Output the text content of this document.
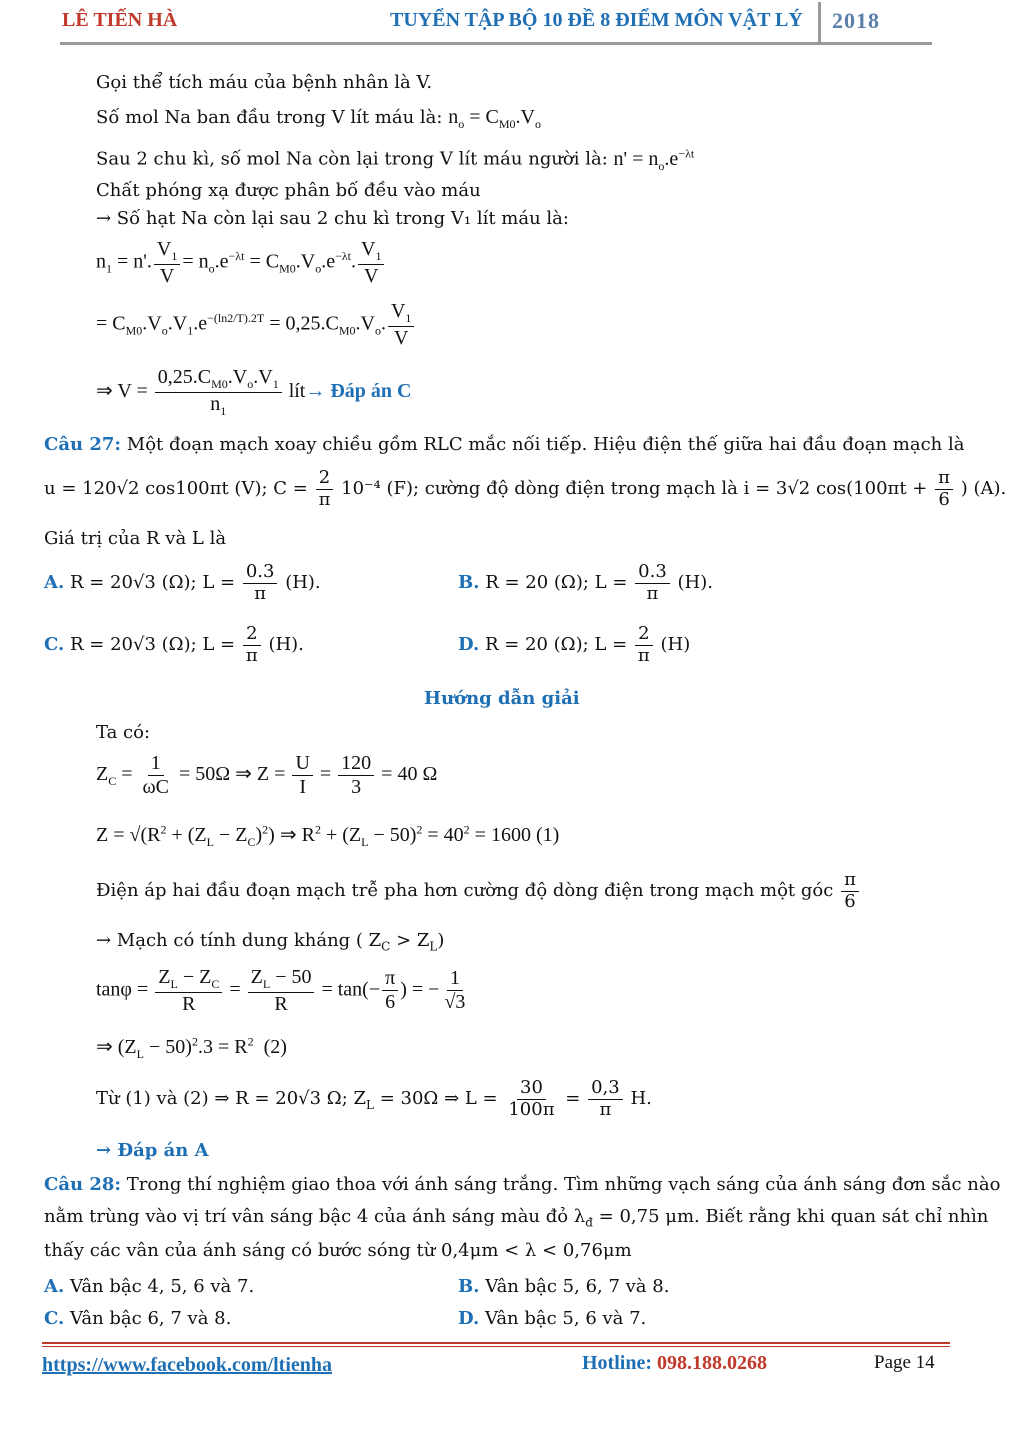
LÊ TIẾN HÀ	TUYỂN TẬP BỘ 10 ĐỀ 8 ĐIỂM MÔN VẬT LÝ 2018
Gọi thể tích máu của bệnh nhân là V.
Số mol Na ban đầu trong V lít máu là: $n_o = C_{M0}.V_o$
Sau 2 chu kì, số mol Na còn lại trong V lít máu người là: $n' = n_o.e^{-\lambda t}$
Chất phóng xạ được phân bố đều vào máu
→ Số hạt Na còn lại sau 2 chu kì trong V₁ lít máu là:
$n_1 = n'$. $\frac{V_1}{V} = n_o.e^{-\lambda t} = C_{M0}.V_o.e^{-\lambda t}$. $\frac{V_1}{V}$
= $C_{M0}.V_o.V_1.e^{-(ln2/T).2T} = 0,25.C_{M0}.V_o$. $\frac{V_1}{V}$
⇒ $V = \frac{0,25.C_{M0}.V_o.V_1}{n_1}$ lít→ Đáp án C
Câu 27: Một đoạn mạch xoay chiều gồm RLC mắc nối tiếp. Hiệu điện thế giữa hai đầu đoạn mạch là
u = 120√2 cos100πt (V); $C = \frac{2}{\pi} 10^{-4}$ (F); cường độ dòng điện trong mạch là i = 3√2 $\cos(100\pi t + \frac{\pi}{6}$ ) (A).
Giá trị của R và L là
A. R = 20√3 (Ω); $L = \frac{0.3}{\pi} (H)$.	B. R = 20 (Ω); $L = \frac{0.3}{\pi} (H)$.
C. R = 20√3 (Ω); $L = \frac{2}{\pi} (H)$.	D. R = 20 (Ω); $L = \frac{2}{\pi} (H)$
Hướng dẫn giải
Ta có:
$Z_C = \frac{1}{\omega C} = 50\Omega$ ⇒ $Z = \frac{U}{I} = \frac{120}{3} = 40$ Ω
$Z = √(R^2 + (Z_L - Z_C)^2)$ ⇒ $R^2 + (Z_L - 50)^2 = 40^2 = 1600$ (1)
Điện áp hai đầu đoạn mạch trễ pha hơn cường độ dòng điện trong mạch một góc $\frac{\pi}{6}$
→ Mạch có tính dung kháng ( $Z_C > Z_L$)
$\tan\varphi = \frac{Z_L - Z_C}{R} = \frac{Z_L - 50}{R} = \tan(- \frac{\pi}{6}$ ) = − $\frac{1}{√3}$
⇒ $(Z_L - 50)^2.3 = R^2$  (2)
Từ (1) và (2) ⇒ R = 20√3 Ω; $Z_L = 30\Omega$ ⇒ $L = \frac{30}{100\pi} = \frac{0,3}{\pi} H$.
→ Đáp án A
Câu 28: Trong thí nghiệm giao thoa với ánh sáng trắng. Tìm những vạch sáng của ánh sáng đơn sắc nào
nằm trùng vào vị trí vân sáng bậc 4 của ánh sáng màu đỏ $\lambda_đ = 0,75$ μm. Biết rằng khi quan sát chỉ nhìn
thấy các vân của ánh sáng có bước sóng từ 0,4μm < λ < 0,76μm
A. Vân bậc 4, 5, 6 và 7.	B. Vân bậc 5, 6, 7 và 8.
C. Vân bậc 6, 7 và 8.	D. Vân bậc 5, 6 và 7.
https://www.facebook.com/ltienha	Hotline: 098.188.0268	Page 14
